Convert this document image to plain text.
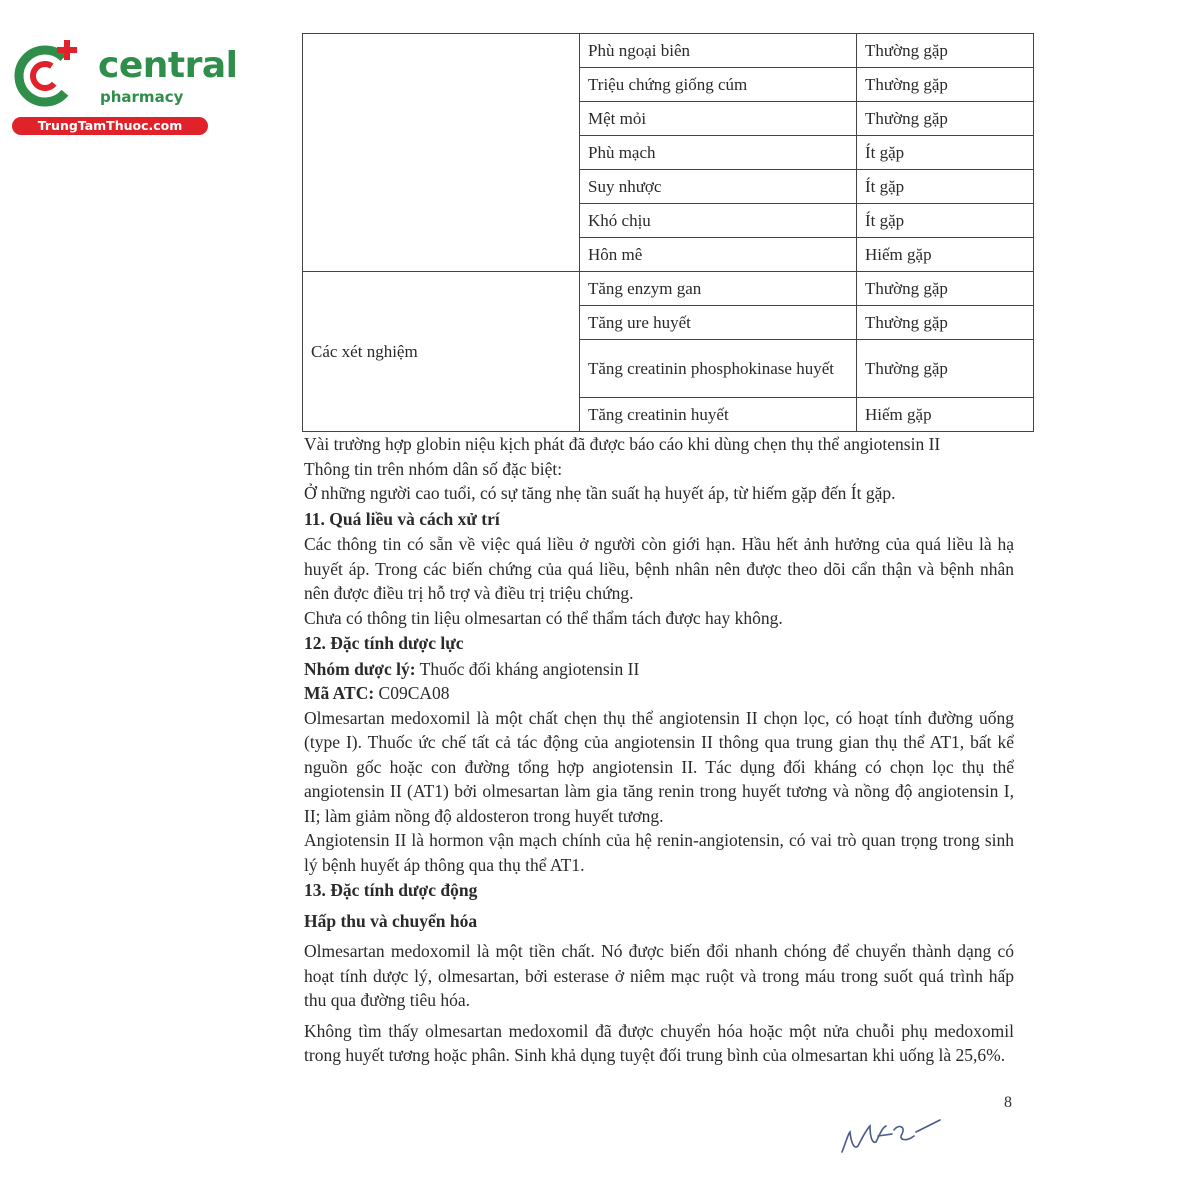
central
pharmacy
TrungTamThuoc.com
	Phù ngoại biên	Thường gặp
	Triệu chứng giống cúm	Thường gặp
	Mệt mỏi	Thường gặp
	Phù mạch	Ít gặp
	Suy nhược	Ít gặp
	Khó chịu	Ít gặp
	Hôn mê	Hiếm gặp
Các xét nghiệm	Tăng enzym gan	Thường gặp
	Tăng ure huyết	Thường gặp
	Tăng creatinin phosphokinase huyết	Thường gặp
	Tăng creatinin huyết	Hiếm gặp

Vài trường hợp globin niệu kịch phát đã được báo cáo khi dùng chẹn thụ thể angiotensin II

Thông tin trên nhóm dân số đặc biệt:

Ở những người cao tuổi, có sự tăng nhẹ tần suất hạ huyết áp, từ hiếm gặp đến Ít gặp.

11. Quá liều và cách xử trí

Các thông tin có sẵn về việc quá liều ở người còn giới hạn. Hầu hết ảnh hưởng của quá liều là hạ huyết áp. Trong các biến chứng của quá liều, bệnh nhân nên được theo dõi cẩn thận và bệnh nhân nên được điều trị hỗ trợ và điều trị triệu chứng.

Chưa có thông tin liệu olmesartan có thể thẩm tách được hay không.

12. Đặc tính dược lực

Nhóm dược lý: Thuốc đối kháng angiotensin II

Mã ATC: C09CA08

Olmesartan medoxomil là một chất chẹn thụ thể angiotensin II chọn lọc, có hoạt tính đường uống (type I). Thuốc ức chế tất cả tác động của angiotensin II thông qua trung gian thụ thể AT1, bất kể nguồn gốc hoặc con đường tổng hợp angiotensin II. Tác dụng đối kháng có chọn lọc thụ thể angiotensin II (AT1) bởi olmesartan làm gia tăng renin trong huyết tương và nồng độ angiotensin I, II; làm giảm nồng độ aldosteron trong huyết tương.

Angiotensin II là hormon vận mạch chính của hệ renin-angiotensin, có vai trò quan trọng trong sinh lý bệnh huyết áp thông qua thụ thể AT1.

13. Đặc tính dược động

Hấp thu và chuyển hóa

Olmesartan medoxomil là một tiền chất. Nó được biến đổi nhanh chóng để chuyển thành dạng có hoạt tính dược lý, olmesartan, bởi esterase ở niêm mạc ruột và trong máu trong suốt quá trình hấp thu qua đường tiêu hóa.

Không tìm thấy olmesartan medoxomil đã được chuyển hóa hoặc một nửa chuỗi phụ medoxomil trong huyết tương hoặc phân. Sinh khả dụng tuyệt đối trung bình của olmesartan khi uống là 25,6%.

8
